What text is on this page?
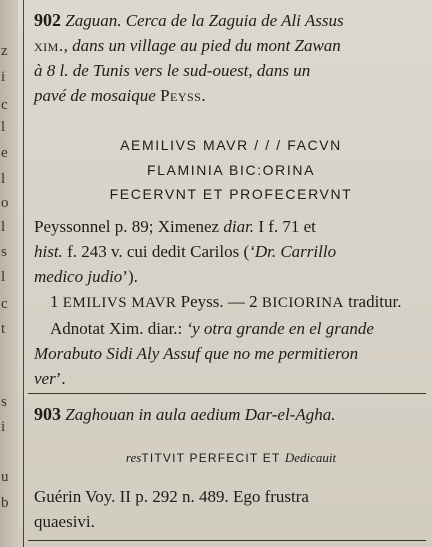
z
i
c
l
e
l
o
l
s
l
c
t
s
i
u
b
902 Zaguan. Cerca de la Zaguia de Ali Assus
xim., dans un village au pied du mont Zawan
à 8 l. de Tunis vers le sud-ouest, dans un
pavé de mosaique Peyss.
AEMILIVS MAVR / / / FACVN
FLAMINIA BIC:ORINA
FECERVNT ET PROFECERVNT
Peyssonnel p. 89; Ximenez diar. I f. 71 et
hist. f. 243 v. cui dedit Carilos (‘Dr. Carrillo
medico judio’).
1 EMILIVS MAVR Peyss. — 2 BICIORINA traditur.
Adnotat Xim. diar.: ‘y otra grande en el grande
Morabuto Sidi Aly Assuf que no me permitieron
ver’.
903 Zaghouan in aula aedium Dar-el-Agha.
resTITVIT PERFECIT ET Dedicauit
Guérin Voy. II p. 292 n. 489. Ego frustra
quaesivi.
